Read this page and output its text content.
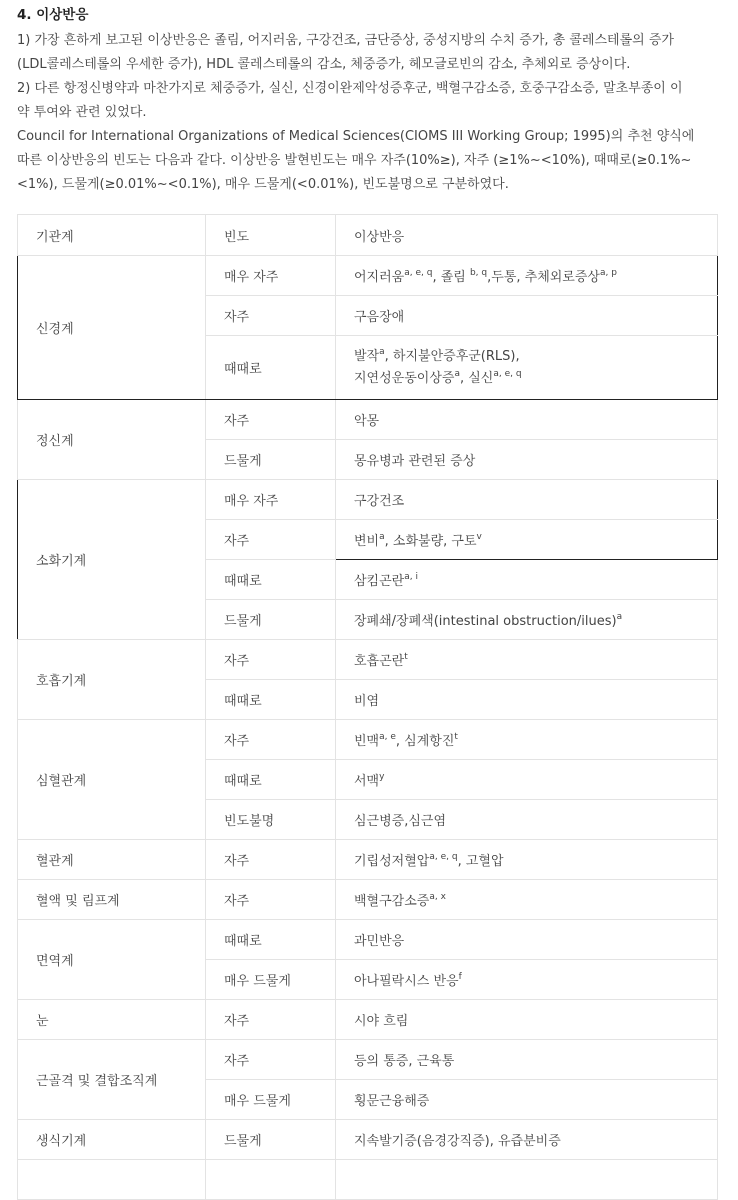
4. 이상반응

1) 가장 흔하게 보고된 이상반응은 졸림, 어지러움, 구강건조, 금단증상, 중성지방의 수치 증가, 총 콜레스테롤의 증가
(LDL콜레스테롤의 우세한 증가), HDL 콜레스테롤의 감소, 체중증가, 헤모글로빈의 감소, 추체외로 증상이다.

2) 다른 항정신병약과 마찬가지로 체중증가, 실신, 신경이완제악성증후군, 백혈구감소증, 호중구감소증, 말초부종이 이
약 투여와 관련 있었다.

Council for International Organizations of Medical Sciences(CIOMS III Working Group; 1995)의 추천 양식에
따른 이상반응의 빈도는 다음과 같다. 이상반응 발현빈도는 매우 자주(10%≥), 자주 (≥1%~<10%), 때때로(≥0.1%~
<1%), 드물게(≥0.01%~<0.1%), 매우 드물게(<0.01%), 빈도불명으로 구분하였다.

기관계	빈도	이상반응
신경계	매우 자주	어지러움$^{a, e, q}$, 졸림 $^{b, q}$,두통, 추체외로증상$^{a, p}$
	자주	구음장애
	때때로	발작$^a$, 하지불안증후군(RLS),
지연성운동이상증$^a$, 실신$^{a, e, q}$
정신계	자주	악몽
	드물게	몽유병과 관련된 증상
소화기계	매우 자주	구강건조
	자주	변비$^a$, 소화불량, 구토$^v$
	때때로	삼킴곤란$^{a, i}$
	드물게	장폐쇄/장폐색(intestinal obstruction/ilues)$^a$
호흡기계	자주	호흡곤란$^t$
	때때로	비염
심혈관계	자주	빈맥$^{a, e}$, 심계항진$^t$
	때때로	서맥$^y$
	빈도불명	심근병증,심근염
혈관계	자주	기립성저혈압$^{a, e, q}$, 고혈압
혈액 및 림프계	자주	백혈구감소증$^{a, x}$
면역계	때때로	과민반응
	매우 드물게	아나필락시스 반응$^f$
눈	자주	시야 흐림
근골격 및 결합조직계	자주	등의 통증, 근육통
	매우 드물게	횡문근융해증
생식기계	드물게	지속발기증(음경강직증), 유즙분비증
